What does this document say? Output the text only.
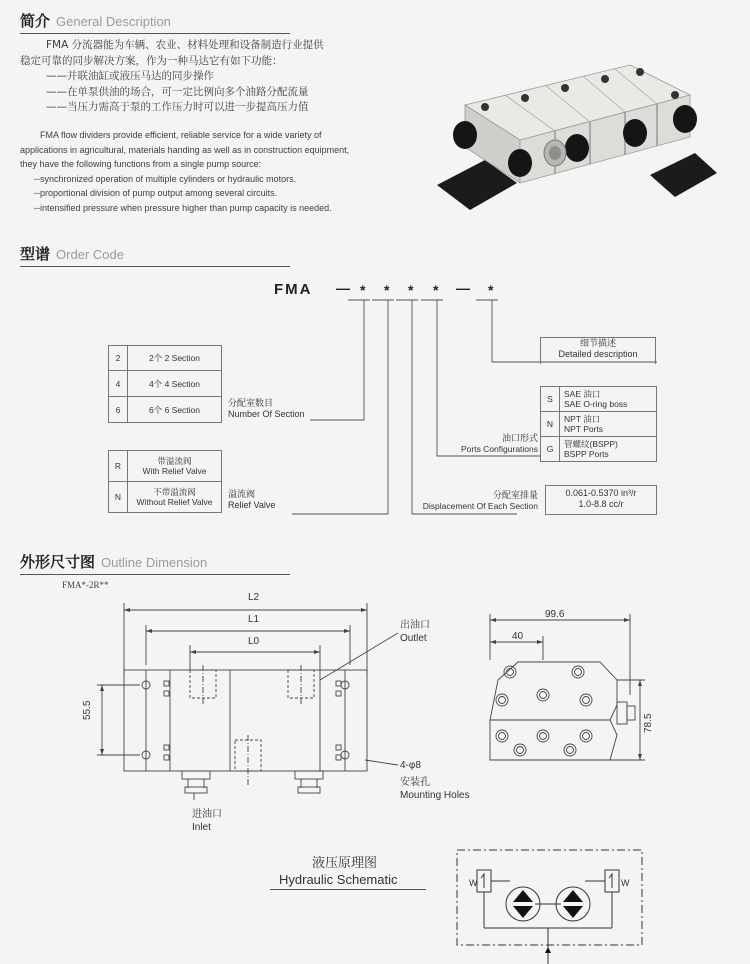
简介 General Description
FMA 分流器能为车辆、农业、材料处理和设备制造行业提供
稳定可靠的同步解决方案，作为一种马达它有如下功能：
——并联油缸或液压马达的同步操作
——在单泵供油的场合，可一定比例向多个油路分配流量
——当压力需高于泵的工作压力时可以进一步提高压力值
FMA flow dividers provide efficient, reliable service for a wide variety of
applications in agricultural, materials handing as well as in construction equipment,
they have the following functions from a single pump source:
--synchronized operation of multiple cylinders or hydraulic motors.
--proportional division of pump output among several circuits.
--intensified pressure when pressure higher than pump capacity is needed.
型谱 Order Code
FMA — * * * * — *
2	2个 2 Section
4	4个 4 Section
6	6个 6 Section
分配室数目
Number Of Section
R	带溢流阀
With Relief Valve

N	不带溢流阀
Without Relief Valve
溢流阀
Relief Valve
细节描述
Detailed description
S	SAE 油口
SAE O-ring boss

N	NPT 油口
NPT Ports

G	管螺纹(BSPP)
BSPP Ports
油口形式
Ports Configurations
分配室排量
Displacement Of Each Section
0.061-0.5370 in³/r
1.0-8.8 cc/r
外形尺寸图 Outline Dimension
FMA*-2R**
L2
L1
L0
55.5
出油口
Outlet
4-φ8
安装孔
Mounting Holes
进油口
Inlet
99.6
40
78.5
液压原理图
Hydraulic Schematic	W	W
